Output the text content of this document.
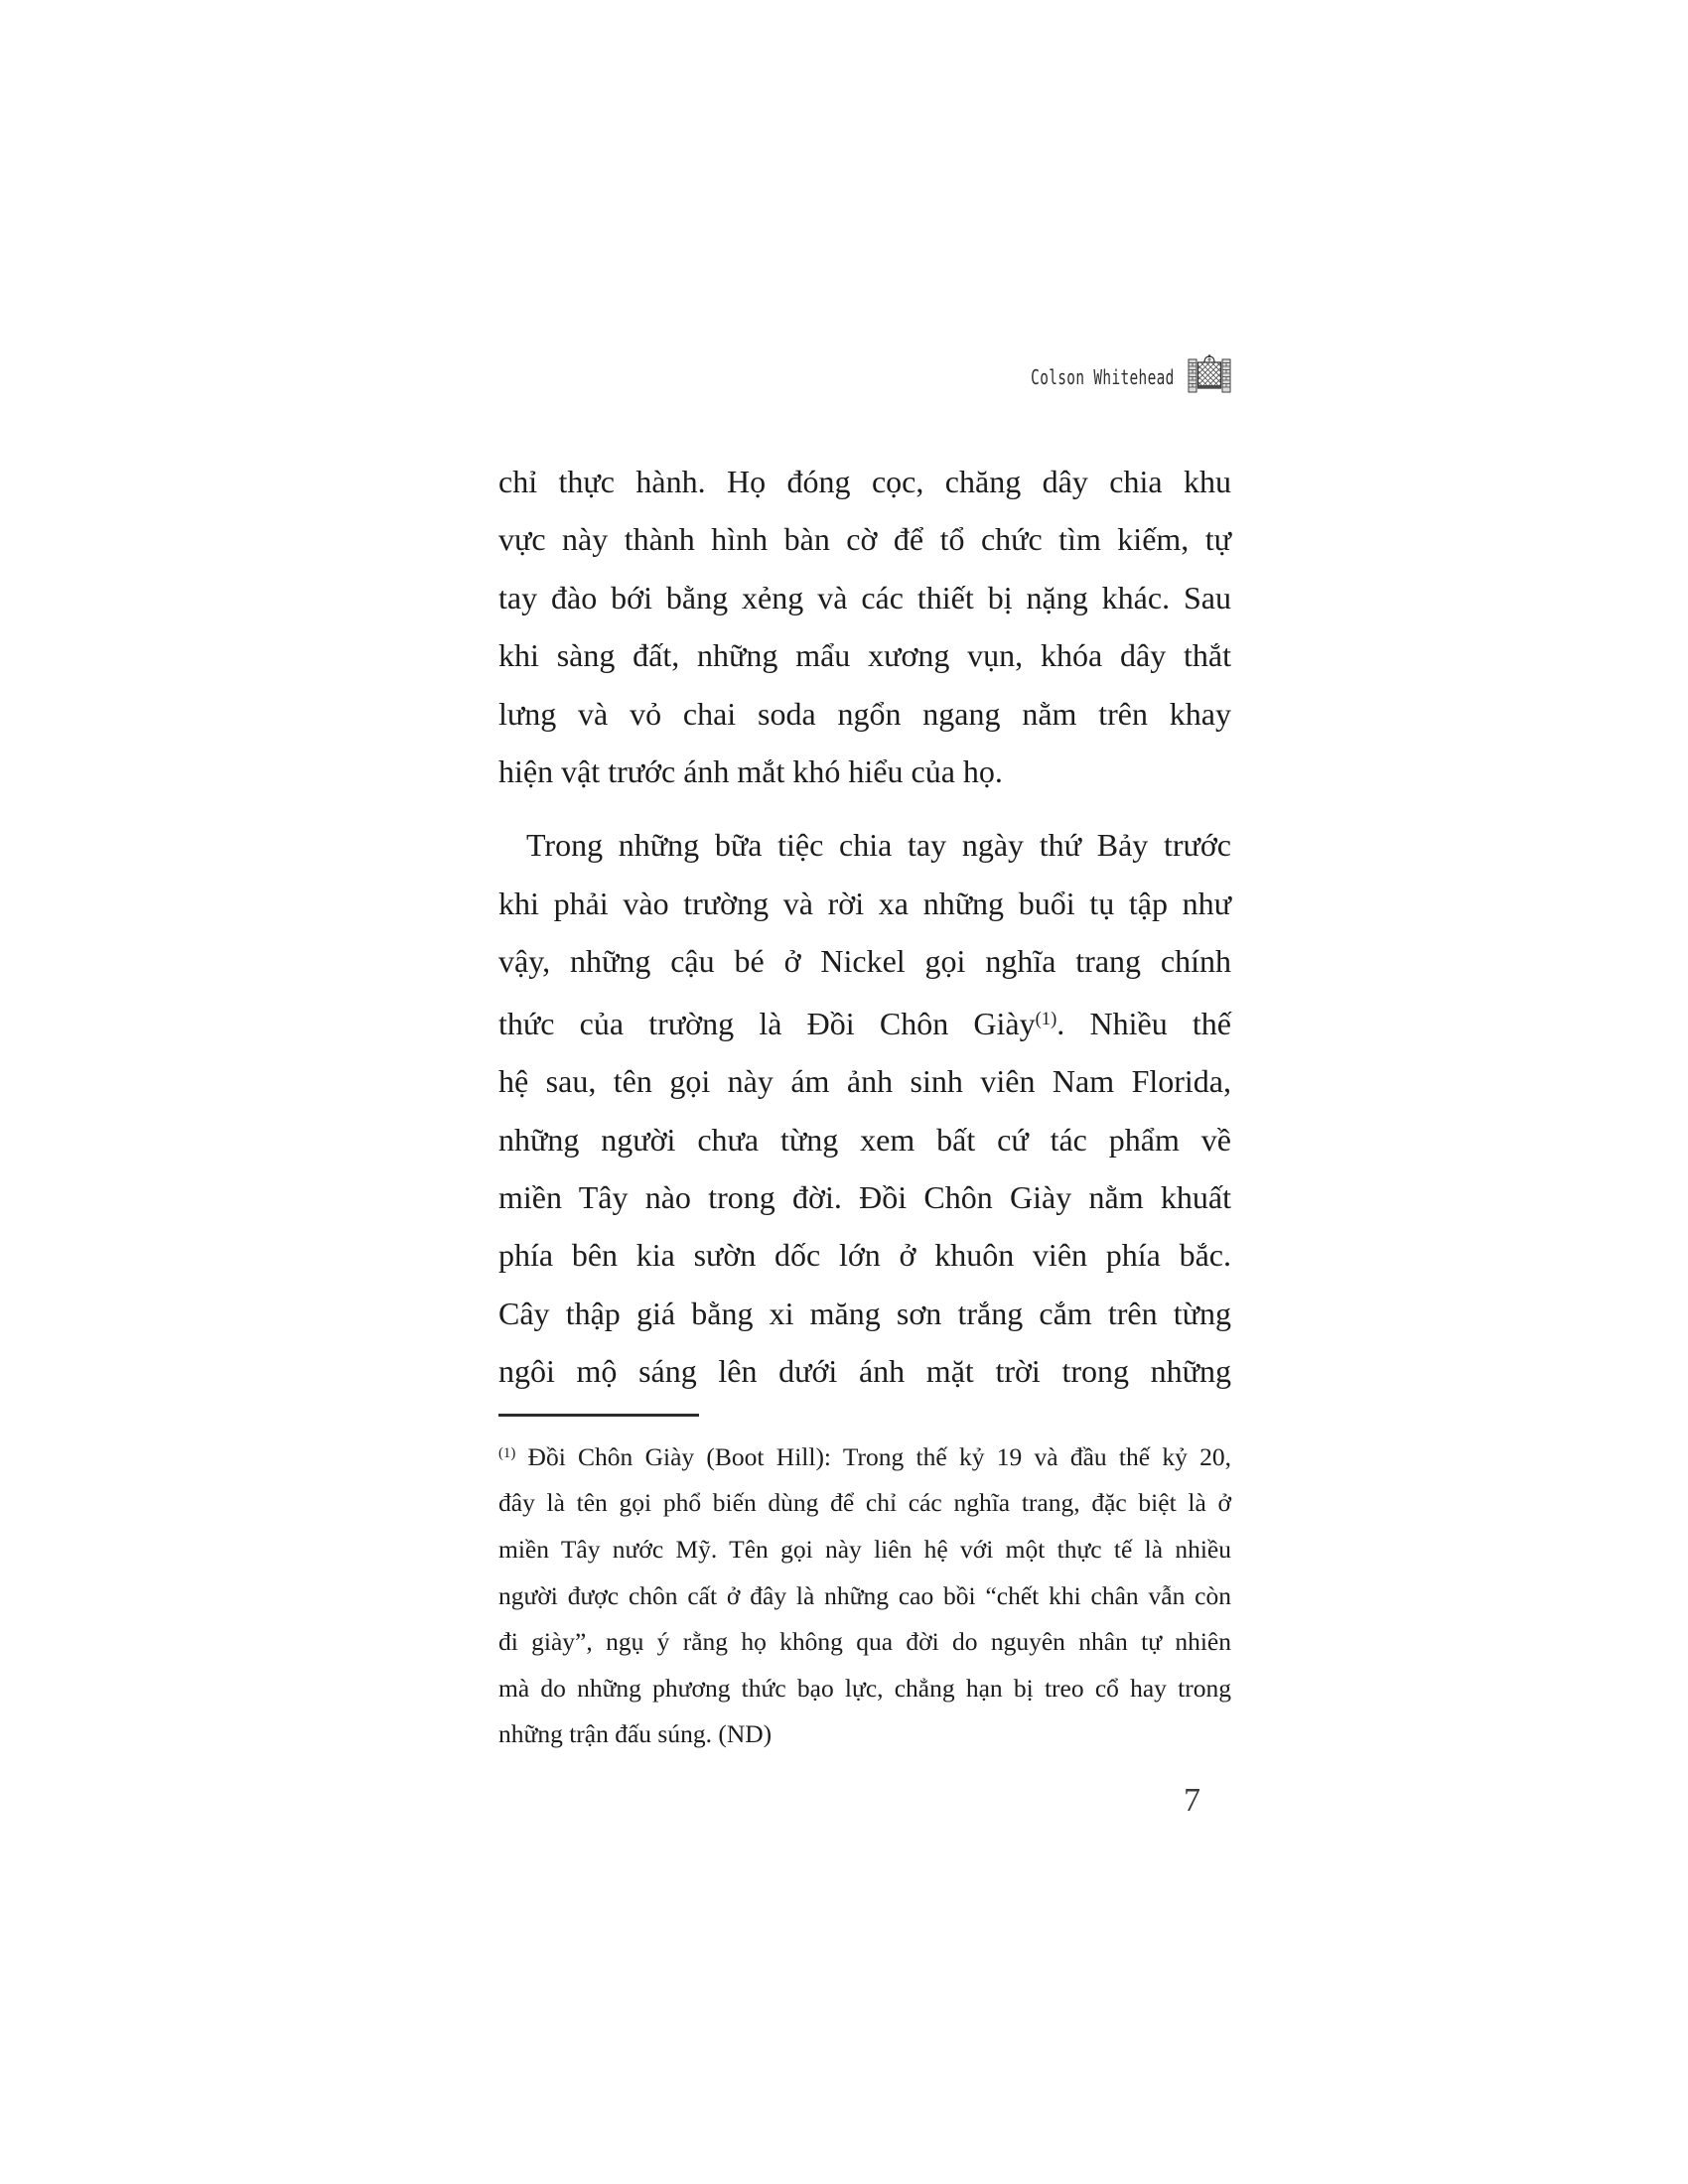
Colson Whitehead
chỉ thực hành. Họ đóng cọc, chăng dây chia khu
vực này thành hình bàn cờ để tổ chức tìm kiếm, tự
tay đào bới bằng xẻng và các thiết bị nặng khác. Sau
khi sàng đất, những mẩu xương vụn, khóa dây thắt
lưng và vỏ chai soda ngổn ngang nằm trên khay
hiện vật trước ánh mắt khó hiểu của họ.
Trong những bữa tiệc chia tay ngày thứ Bảy trước
khi phải vào trường và rời xa những buổi tụ tập như
vậy, những cậu bé ở Nickel gọi nghĩa trang chính
thức của trường là Đồi Chôn Giày$^{(1)}$. Nhiều thế
hệ sau, tên gọi này ám ảnh sinh viên Nam Florida,
những người chưa từng xem bất cứ tác phẩm về
miền Tây nào trong đời. Đồi Chôn Giày nằm khuất
phía bên kia sườn dốc lớn ở khuôn viên phía bắc.
Cây thập giá bằng xi măng sơn trắng cắm trên từng
ngôi mộ sáng lên dưới ánh mặt trời trong những
$^{(1)}$ Đồi Chôn Giày (Boot Hill): Trong thế kỷ 19 và đầu thế kỷ 20,
đây là tên gọi phổ biến dùng để chỉ các nghĩa trang, đặc biệt là ở
miền Tây nước Mỹ. Tên gọi này liên hệ với một thực tế là nhiều
người được chôn cất ở đây là những cao bồi “chết khi chân vẫn còn
đi giày”, ngụ ý rằng họ không qua đời do nguyên nhân tự nhiên
mà do những phương thức bạo lực, chẳng hạn bị treo cổ hay trong
những trận đấu súng. (ND)
7
